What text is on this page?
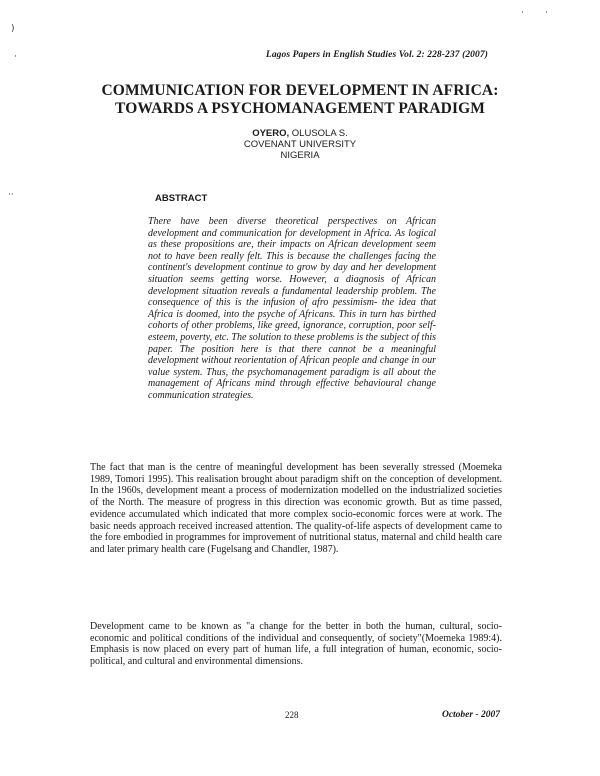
· ·
)
·
··
Lagos Papers in English Studies Vol. 2: 228-237 (2007)
COMMUNICATION FOR DEVELOPMENT IN AFRICA:
TOWARDS A PSYCHOMANAGEMENT PARADIGM
OYERO, OLUSOLA S.
COVENANT UNIVERSITY
NIGERIA
ABSTRACT
There have been diverse theoretical perspectives on African development and communication for development in Africa. As logical as these propositions are, their impacts on African development seem not to have been really felt. This is because the challenges facing the continent's development continue to grow by day and her development situation seems getting worse. However, a diagnosis of African development situation reveals a fundamental leadership problem. The consequence of this is the infusion of afro pessimism- the idea that Africa is doomed, into the psyche of Africans. This in turn has birthed cohorts of other problems, like greed, ignorance, corruption, poor self-esteem, poverty, etc. The solution to these problems is the subject of this paper. The position here is that there cannot be a meaningful development without reorientation of African people and change in our value system. Thus, the psychomanagement paradigm is all about the management of Africans mind through effective behavioural change communication strategies.
The fact that man is the centre of meaningful development has been severally stressed (Moemeka 1989, Tomori 1995). This realisation brought about paradigm shift on the conception of development. In the 1960s, development meant a process of modernization modelled on the industrialized societies of the North. The measure of progress in this direction was economic growth. But as time passed, evidence accumulated which indicated that more complex socio-economic forces were at work. The basic needs approach received increased attention. The quality-of-life aspects of development came to the fore embodied in programmes for improvement of nutritional status, maternal and child health care and later primary health care (Fugelsang and Chandler, 1987).
Development came to be known as "a change for the better in both the human, cultural, socio-economic and political conditions of the individual and consequently, of society"(Moemeka 1989:4). Emphasis is now placed on every part of human life, a full integration of human, economic, socio-political, and cultural and environmental dimensions.
228	October - 2007
